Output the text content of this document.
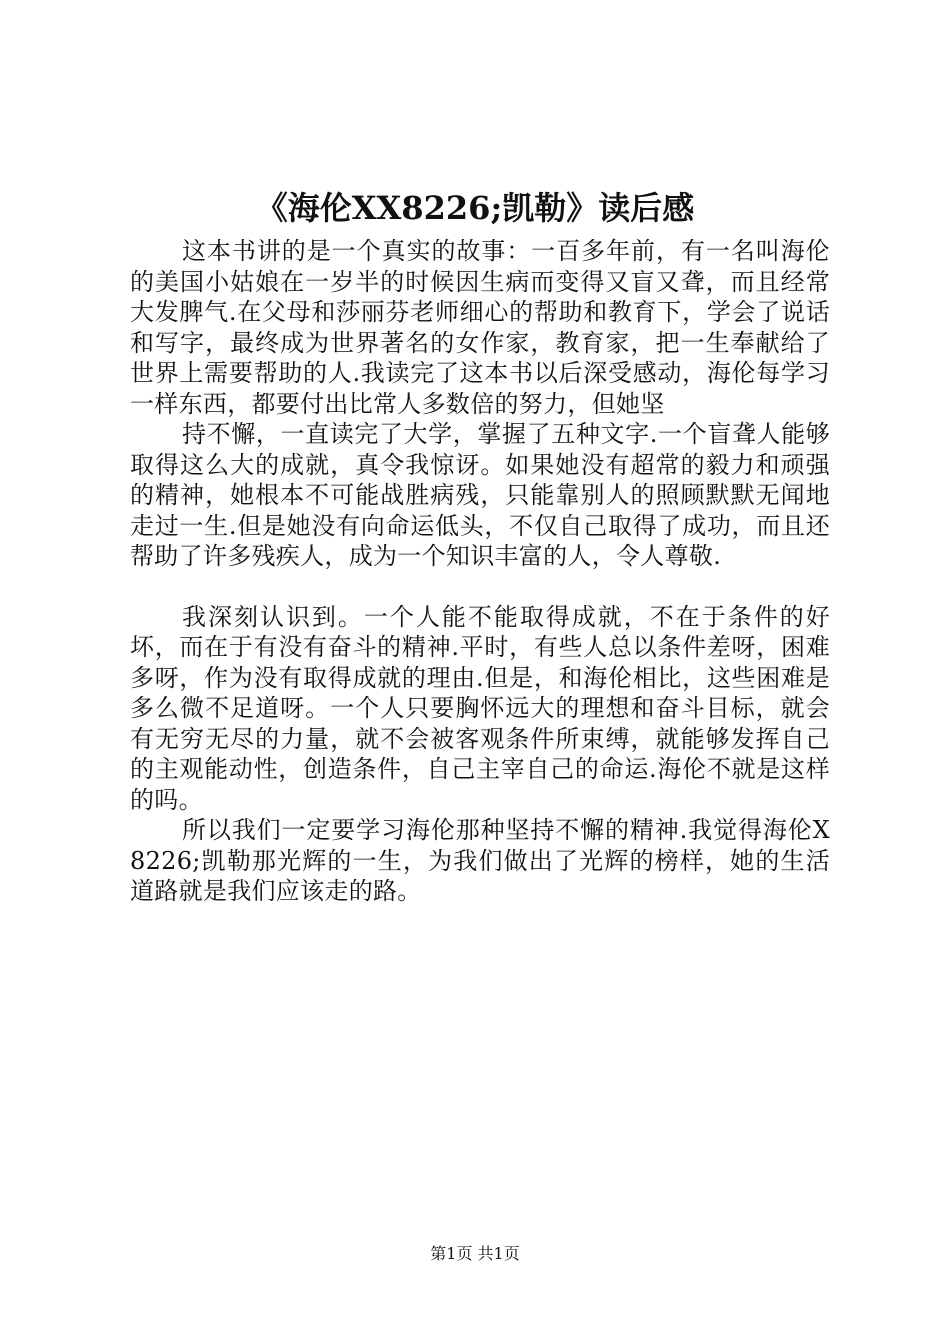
《海伦XX8226;凯勒》读后感

这本书讲的是一个真实的故事：一百多年前，有一名叫海伦的美国小姑娘在一岁半的时候因生病而变得又盲又聋，而且经常大发脾气.在父母和莎丽芬老师细心的帮助和教育下，学会了说话和写字，最终成为世界著名的女作家，教育家，把一生奉献给了世界上需要帮助的人.我读完了这本书以后深受感动，海伦每学习一样东西，都要付出比常人多数倍的努力，但她坚

持不懈，一直读完了大学，掌握了五种文字.一个盲聋人能够取得这么大的成就，真令我惊讶。如果她没有超常的毅力和顽强的精神，她根本不可能战胜病残，只能靠别人的照顾默默无闻地走过一生.但是她没有向命运低头，不仅自己取得了成功，而且还帮助了许多残疾人，成为一个知识丰富的人，令人尊敬.

我深刻认识到。一个人能不能取得成就，不在于条件的好坏，而在于有没有奋斗的精神.平时，有些人总以条件差呀，困难多呀，作为没有取得成就的理由.但是，和海伦相比，这些困难是多么微不足道呀。一个人只要胸怀远大的理想和奋斗目标，就会有无穷无尽的力量，就不会被客观条件所束缚，就能够发挥自己的主观能动性，创造条件，自己主宰自己的命运.海伦不就是这样的吗。

所以我们一定要学习海伦那种坚持不懈的精神.我觉得海伦X8226;凯勒那光辉的一生，为我们做出了光辉的榜样，她的生活道路就是我们应该走的路。

第1页 共1页
